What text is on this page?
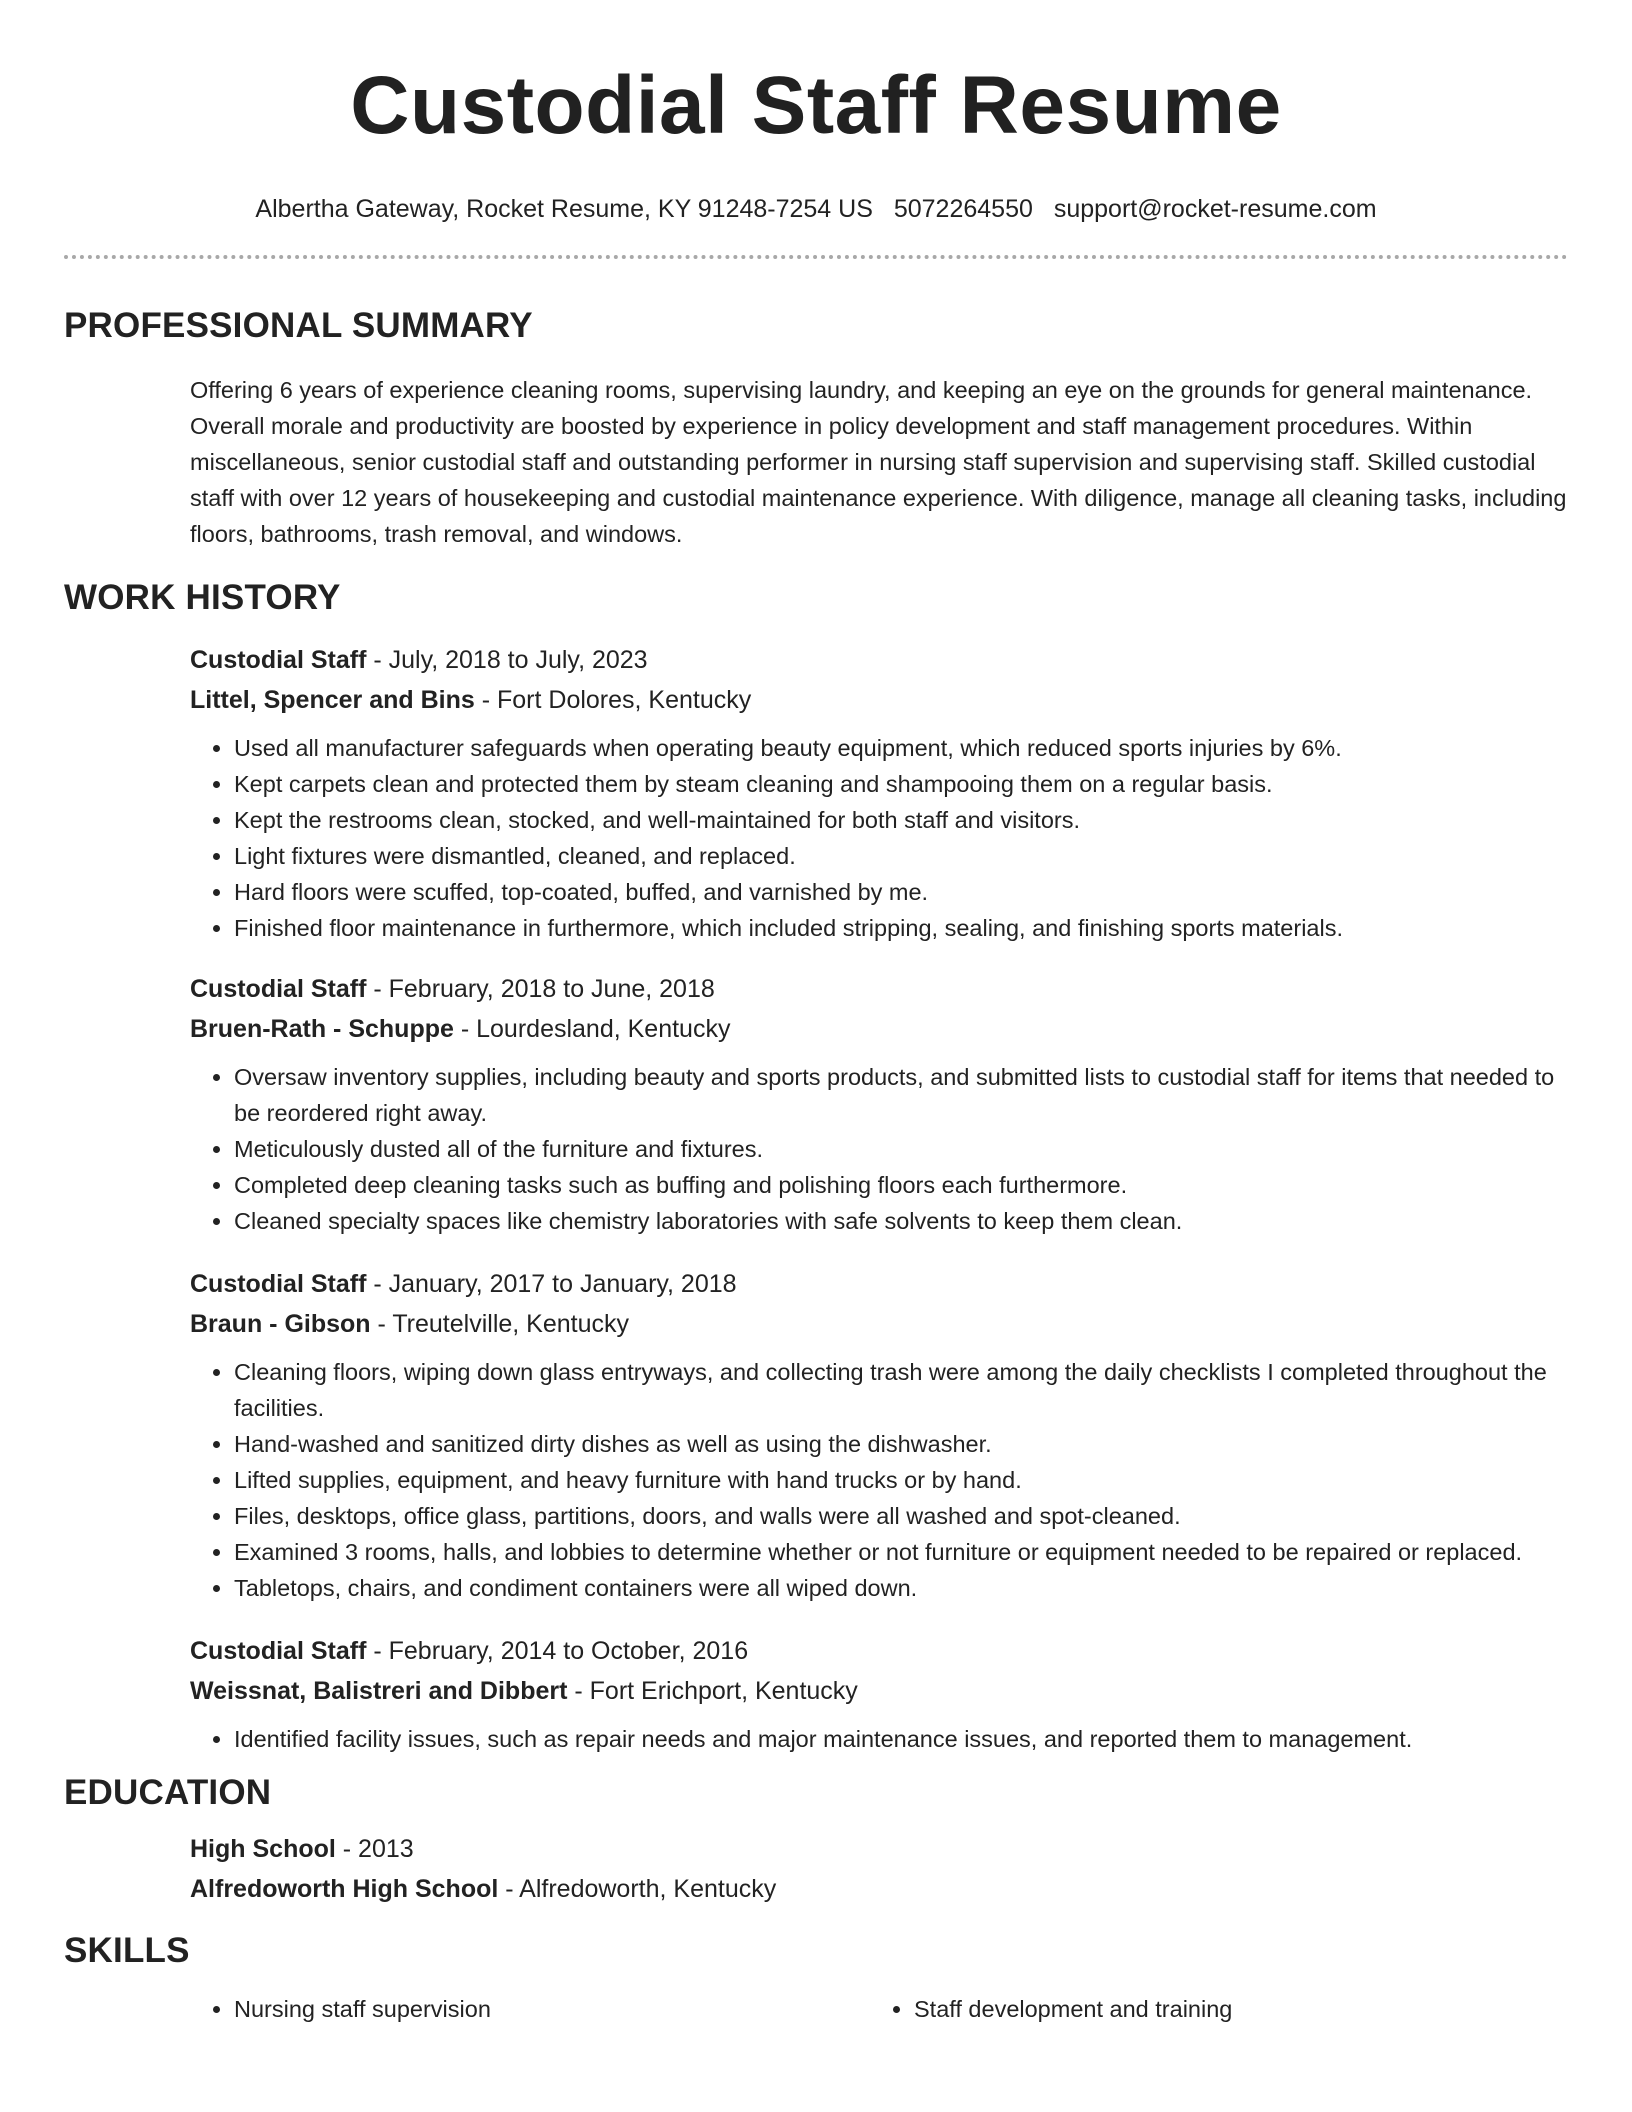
Custodial Staff Resume
Albertha Gateway, Rocket Resume, KY 91248-7254 US 5072264550 support@rocket-resume.com
PROFESSIONAL SUMMARY

Offering 6 years of experience cleaning rooms, supervising laundry, and keeping an eye on the grounds for general maintenance. Overall morale and productivity are boosted by experience in policy development and staff management procedures. Within miscellaneous, senior custodial staff and outstanding performer in nursing staff supervision and supervising staff. Skilled custodial staff with over 12 years of housekeeping and custodial maintenance experience. With diligence, manage all cleaning tasks, including floors, bathrooms, trash removal, and windows.

WORK HISTORY
Custodial Staff - July, 2018 to July, 2023
Littel, Spencer and Bins - Fort Dolores, Kentucky
• Used all manufacturer safeguards when operating beauty equipment, which reduced sports injuries by 6%.
• Kept carpets clean and protected them by steam cleaning and shampooing them on a regular basis.
• Kept the restrooms clean, stocked, and well-maintained for both staff and visitors.
• Light fixtures were dismantled, cleaned, and replaced.
• Hard floors were scuffed, top-coated, buffed, and varnished by me.
• Finished floor maintenance in furthermore, which included stripping, sealing, and finishing sports materials.
Custodial Staff - February, 2018 to June, 2018
Bruen-Rath - Schuppe - Lourdesland, Kentucky
• Oversaw inventory supplies, including beauty and sports products, and submitted lists to custodial staff for items that needed to be reordered right away.
• Meticulously dusted all of the furniture and fixtures.
• Completed deep cleaning tasks such as buffing and polishing floors each furthermore.
• Cleaned specialty spaces like chemistry laboratories with safe solvents to keep them clean.
Custodial Staff - January, 2017 to January, 2018
Braun - Gibson - Treutelville, Kentucky
• Cleaning floors, wiping down glass entryways, and collecting trash were among the daily checklists I completed throughout the facilities.
• Hand-washed and sanitized dirty dishes as well as using the dishwasher.
• Lifted supplies, equipment, and heavy furniture with hand trucks or by hand.
• Files, desktops, office glass, partitions, doors, and walls were all washed and spot-cleaned.
• Examined 3 rooms, halls, and lobbies to determine whether or not furniture or equipment needed to be repaired or replaced.
• Tabletops, chairs, and condiment containers were all wiped down.
Custodial Staff - February, 2014 to October, 2016
Weissnat, Balistreri and Dibbert - Fort Erichport, Kentucky
• Identified facility issues, such as repair needs and major maintenance issues, and reported them to management.
EDUCATION
High School - 2013
Alfredoworth High School - Alfredoworth, Kentucky
SKILLS
• Nursing staff supervision
•	Staff development and training
